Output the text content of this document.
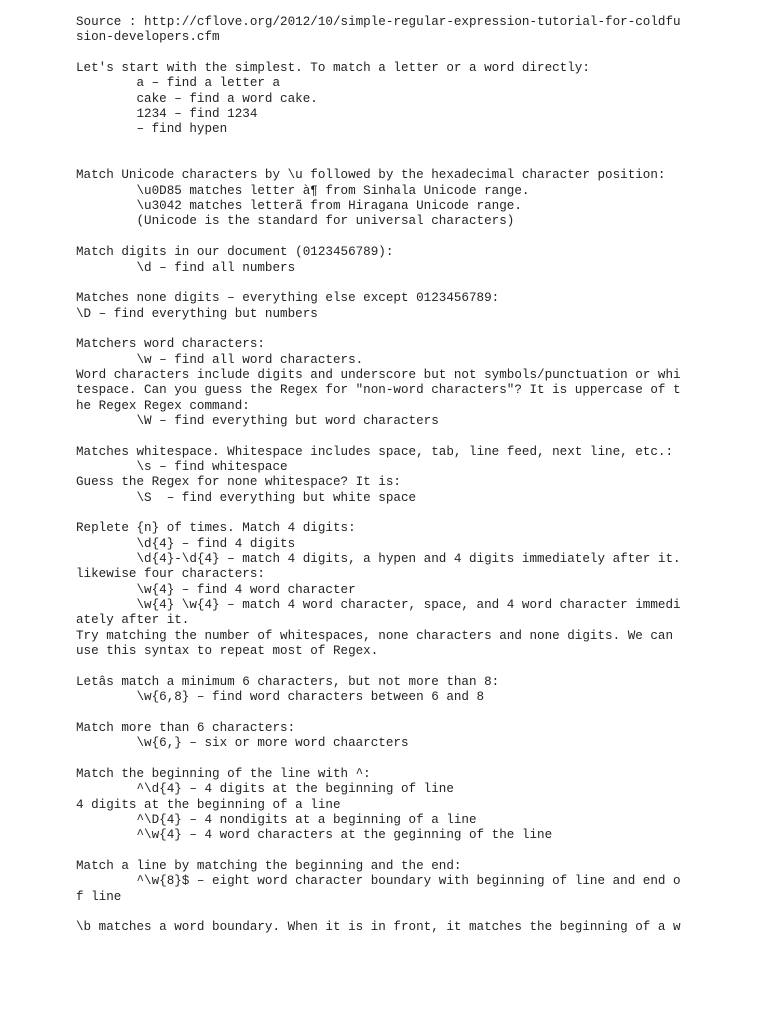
Source : http://cflove.org/2012/10/simple-regular-expression-tutorial-for-coldfu
sion-developers.cfm
Let's start with the simplest. To match a letter or a word directly:
a – find a letter a
cake – find a word cake.
1234 – find 1234
– find hypen
Match Unicode characters by \u followed by the hexadecimal character position:
\u0D85 matches letter à¶ from Sinhala Unicode range.
\u3042 matches letterã from Hiragana Unicode range.
(Unicode is the standard for universal characters)
Match digits in our document (0123456789):
\d – find all numbers
Matches none digits – everything else except 0123456789:
\D – find everything but numbers
Matchers word characters:
\w – find all word characters.
Word characters include digits and underscore but not symbols/punctuation or whi
tespace. Can you guess the Regex for "non-word characters"? It is uppercase of t
he Regex Regex command:
\W – find everything but word characters
Matches whitespace. Whitespace includes space, tab, line feed, next line, etc.:
\s – find whitespace
Guess the Regex for none whitespace? It is:
\S  – find everything but white space
Replete {n} of times. Match 4 digits:
\d{4} – find 4 digits
\d{4}-\d{4} – match 4 digits, a hypen and 4 digits immediately after it.
likewise four characters:
\w{4} – find 4 word character
\w{4} \w{4} – match 4 word character, space, and 4 word character immedi
ately after it.
Try matching the number of whitespaces, none characters and none digits. We can
use this syntax to repeat most of Regex.
Letâs match a minimum 6 characters, but not more than 8:
\w{6,8} – find word characters between 6 and 8
Match more than 6 characters:
\w{6,} – six or more word chaarcters
Match the beginning of the line with ^:
^\d{4} – 4 digits at the beginning of line
4 digits at the beginning of a line
^\D{4} – 4 nondigits at a beginning of a line
^\w{4} – 4 word characters at the geginning of the line
Match a line by matching the beginning and the end:
^\w{8}$ – eight word character boundary with beginning of line and end o
f line
\b matches a word boundary. When it is in front, it matches the beginning of a w
